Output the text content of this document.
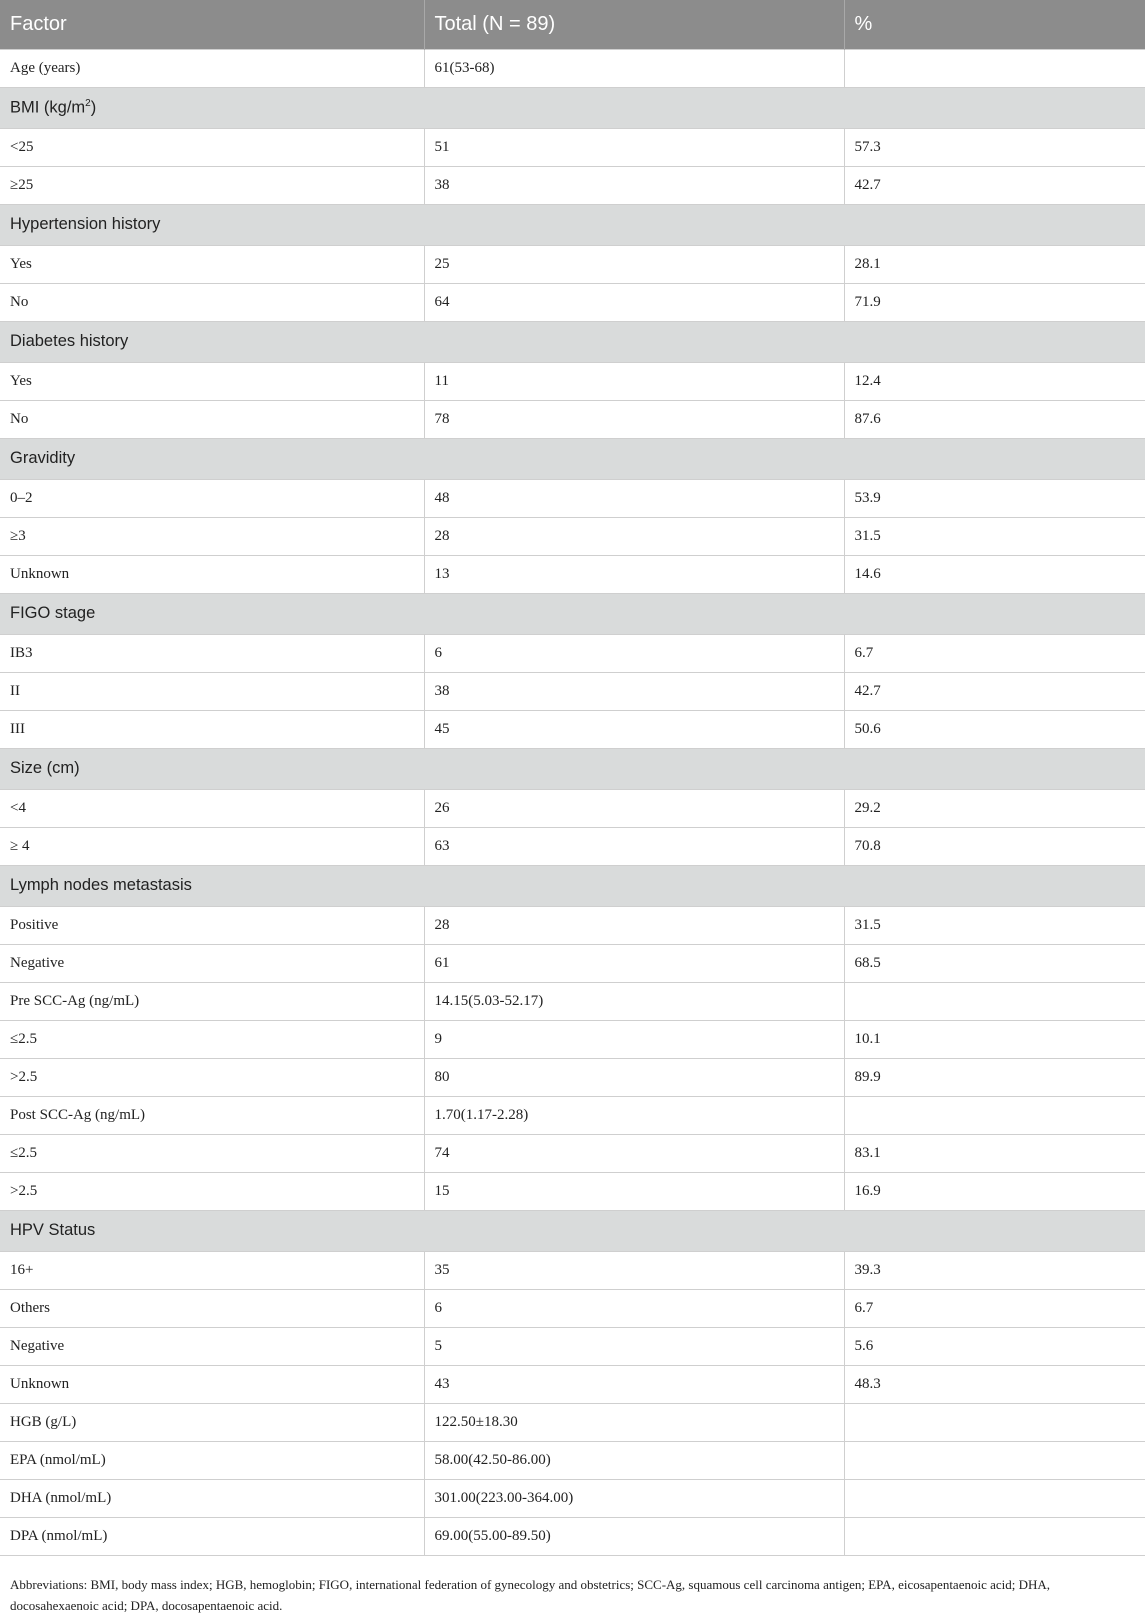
Factor	Total (N = 89)	%
Age (years)	61(53-68)	
BMI $(kg/m^2)$		
<25	51	57.3
≥25	38	42.7
Hypertension history		
Yes	25	28.1
No	64	71.9
Diabetes history		
Yes	11	12.4
No	78	87.6
Gravidity		
0–2	48	53.9
≥3	28	31.5
Unknown	13	14.6
FIGO stage		
IB3	6	6.7
II	38	42.7
III	45	50.6
Size (cm)		
<4	26	29.2
≥ 4	63	70.8
Lymph nodes metastasis		
Positive	28	31.5
Negative	61	68.5
Pre SCC-Ag (ng/mL)	14.15(5.03-52.17)	
≤2.5	9	10.1
>2.5	80	89.9
Post SCC-Ag (ng/mL)	1.70(1.17-2.28)	
≤2.5	74	83.1
>2.5	15	16.9
HPV Status		
16+	35	39.3
Others	6	6.7
Negative	5	5.6
Unknown	43	48.3
HGB (g/L)	122.50±18.30	
EPA (nmol/mL)	58.00(42.50-86.00)	
DHA (nmol/mL)	301.00(223.00-364.00)	
DPA (nmol/mL)	69.00(55.00-89.50)	
Abbreviations: BMI, body mass index; HGB, hemoglobin; FIGO, international federation of gynecology and obstetrics; SCC-Ag, squamous cell carcinoma antigen; EPA, eicosapentaenoic acid; DHA, docosahexaenoic acid; DPA, docosapentaenoic acid.
